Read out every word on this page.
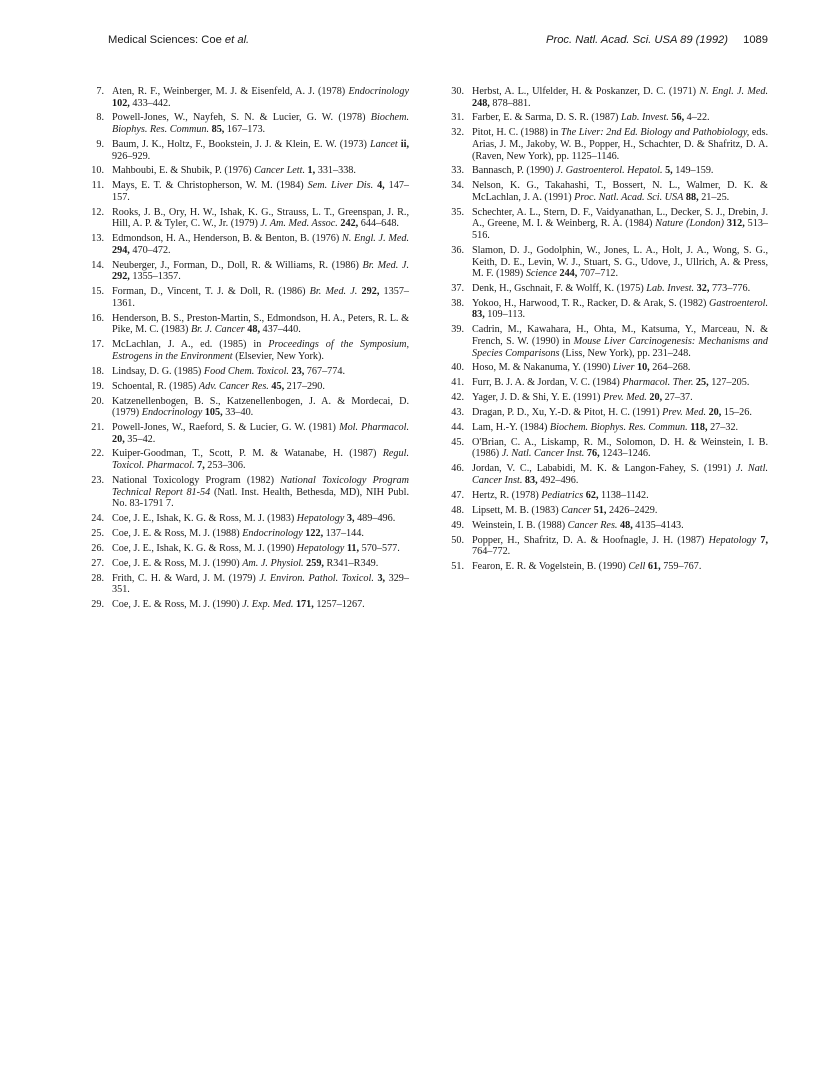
Medical Sciences: Coe et al.	Proc. Natl. Acad. Sci. USA 89 (1992) 1089
7. Aten, R. F., Weinberger, M. J. & Eisenfeld, A. J. (1978) Endocrinology 102, 433–442.
8. Powell-Jones, W., Nayfeh, S. N. & Lucier, G. W. (1978) Biochem. Biophys. Res. Commun. 85, 167–173.
9. Baum, J. K., Holtz, F., Bookstein, J. J. & Klein, E. W. (1973) Lancet ii, 926–929.
10. Mahboubi, E. & Shubik, P. (1976) Cancer Lett. 1, 331–338.
11. Mays, E. T. & Christopherson, W. M. (1984) Sem. Liver Dis. 4, 147–157.
12. Rooks, J. B., Ory, H. W., Ishak, K. G., Strauss, L. T., Greenspan, J. R., Hill, A. P. & Tyler, C. W., Jr. (1979) J. Am. Med. Assoc. 242, 644–648.
13. Edmondson, H. A., Henderson, B. & Benton, B. (1976) N. Engl. J. Med. 294, 470–472.
14. Neuberger, J., Forman, D., Doll, R. & Williams, R. (1986) Br. Med. J. 292, 1355–1357.
15. Forman, D., Vincent, T. J. & Doll, R. (1986) Br. Med. J. 292, 1357–1361.
16. Henderson, B. S., Preston-Martin, S., Edmondson, H. A., Peters, R. L. & Pike, M. C. (1983) Br. J. Cancer 48, 437–440.
17. McLachlan, J. A., ed. (1985) in Proceedings of the Symposium, Estrogens in the Environment (Elsevier, New York).
18. Lindsay, D. G. (1985) Food Chem. Toxicol. 23, 767–774.
19. Schoental, R. (1985) Adv. Cancer Res. 45, 217–290.
20. Katzenellenbogen, B. S., Katzenellenbogen, J. A. & Mordecai, D. (1979) Endocrinology 105, 33–40.
21. Powell-Jones, W., Raeford, S. & Lucier, G. W. (1981) Mol. Pharmacol. 20, 35–42.
22. Kuiper-Goodman, T., Scott, P. M. & Watanabe, H. (1987) Regul. Toxicol. Pharmacol. 7, 253–306.
23. National Toxicology Program (1982) National Toxicology Program Technical Report 81-54 (Natl. Inst. Health, Bethesda, MD), NIH Publ. No. 83-1791 7.
24. Coe, J. E., Ishak, K. G. & Ross, M. J. (1983) Hepatology 3, 489–496.
25. Coe, J. E. & Ross, M. J. (1988) Endocrinology 122, 137–144.
26. Coe, J. E., Ishak, K. G. & Ross, M. J. (1990) Hepatology 11, 570–577.
27. Coe, J. E. & Ross, M. J. (1990) Am. J. Physiol. 259, R341–R349.
28. Frith, C. H. & Ward, J. M. (1979) J. Environ. Pathol. Toxicol. 3, 329–351.
29. Coe, J. E. & Ross, M. J. (1990) J. Exp. Med. 171, 1257–1267.
30. Herbst, A. L., Ulfelder, H. & Poskanzer, D. C. (1971) N. Engl. J. Med. 248, 878–881.
31. Farber, E. & Sarma, D. S. R. (1987) Lab. Invest. 56, 4–22.
32. Pitot, H. C. (1988) in The Liver: 2nd Ed. Biology and Pathobiology, eds. Arias, J. M., Jakoby, W. B., Popper, H., Schachter, D. & Shafritz, D. A. (Raven, New York), pp. 1125–1146.
33. Bannasch, P. (1990) J. Gastroenterol. Hepatol. 5, 149–159.
34. Nelson, K. G., Takahashi, T., Bossert, N. L., Walmer, D. K. & McLachlan, J. A. (1991) Proc. Natl. Acad. Sci. USA 88, 21–25.
35. Schechter, A. L., Stern, D. F., Vaidyanathan, L., Decker, S. J., Drebin, J. A., Greene, M. I. & Weinberg, R. A. (1984) Nature (London) 312, 513–516.
36. Slamon, D. J., Godolphin, W., Jones, L. A., Holt, J. A., Wong, S. G., Keith, D. E., Levin, W. J., Stuart, S. G., Udove, J., Ullrich, A. & Press, M. F. (1989) Science 244, 707–712.
37. Denk, H., Gschnait, F. & Wolff, K. (1975) Lab. Invest. 32, 773–776.
38. Yokoo, H., Harwood, T. R., Racker, D. & Arak, S. (1982) Gastroenterol. 83, 109–113.
39. Cadrin, M., Kawahara, H., Ohta, M., Katsuma, Y., Marceau, N. & French, S. W. (1990) in Mouse Liver Carcinogenesis: Mechanisms and Species Comparisons (Liss, New York), pp. 231–248.
40. Hoso, M. & Nakanuma, Y. (1990) Liver 10, 264–268.
41. Furr, B. J. A. & Jordan, V. C. (1984) Pharmacol. Ther. 25, 127–205.
42. Yager, J. D. & Shi, Y. E. (1991) Prev. Med. 20, 27–37.
43. Dragan, P. D., Xu, Y.-D. & Pitot, H. C. (1991) Prev. Med. 20, 15–26.
44. Lam, H.-Y. (1984) Biochem. Biophys. Res. Commun. 118, 27–32.
45. O'Brian, C. A., Liskamp, R. M., Solomon, D. H. & Weinstein, I. B. (1986) J. Natl. Cancer Inst. 76, 1243–1246.
46. Jordan, V. C., Lababidi, M. K. & Langon-Fahey, S. (1991) J. Natl. Cancer Inst. 83, 492–496.
47. Hertz, R. (1978) Pediatrics 62, 1138–1142.
48. Lipsett, M. B. (1983) Cancer 51, 2426–2429.
49. Weinstein, I. B. (1988) Cancer Res. 48, 4135–4143.
50. Popper, H., Shafritz, D. A. & Hoofnagle, J. H. (1987) Hepatology 7, 764–772.
51. Fearon, E. R. & Vogelstein, B. (1990) Cell 61, 759–767.
